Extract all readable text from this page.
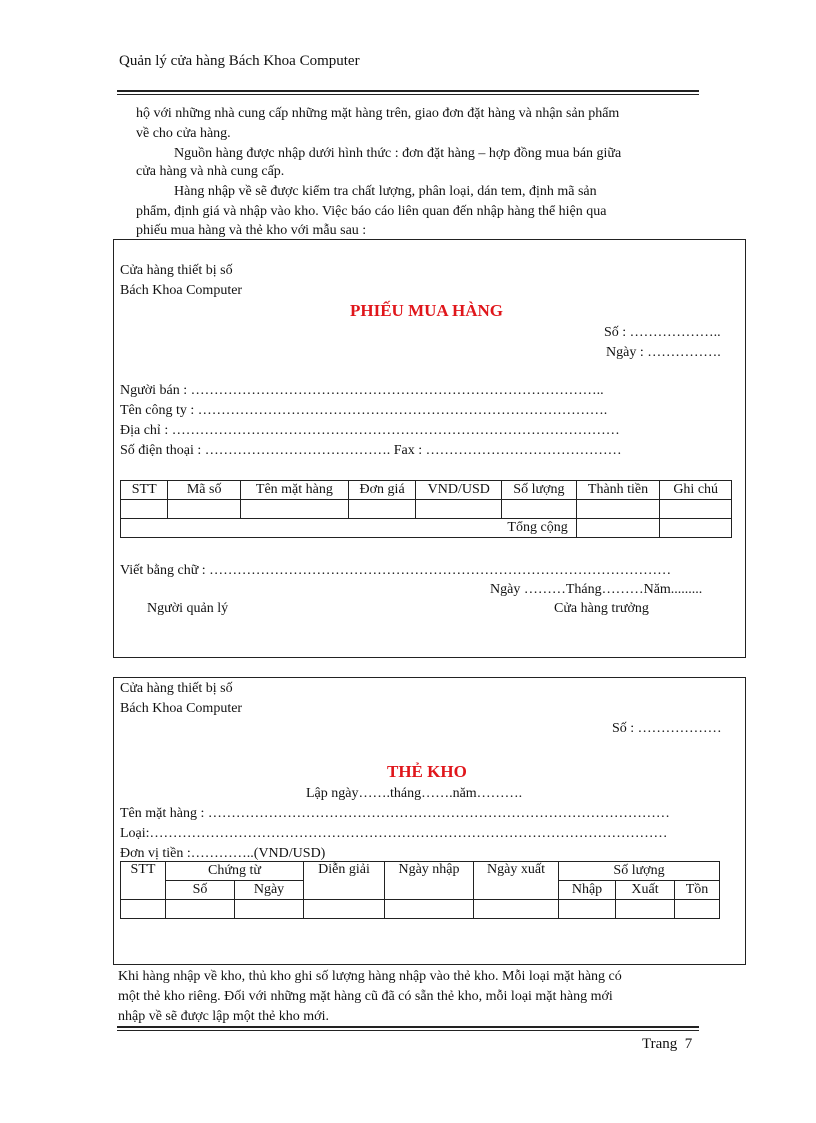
Quản lý cửa hàng Bách Khoa Computer
hộ với những nhà cung cấp những mặt hàng trên, giao đơn đặt hàng và nhận sản phẩm
về cho cửa hàng.
Nguồn hàng được nhập dưới hình thức : đơn đặt hàng – hợp đồng mua bán giữa
cửa hàng và nhà cung cấp.
Hàng nhập về sẽ được kiểm tra chất lượng, phân loại, dán tem, định mã sản
phẩm, định giá và nhập vào kho. Việc báo cáo liên quan đến nhập hàng thể hiện qua
phiếu mua hàng và thẻ kho với mẫu sau :
Cửa hàng thiết bị số
Bách Khoa Computer
PHIẾU MUA HÀNG
Số : ………………..
Ngày : …………….
Người bán : ……………………………………………………………………………..
Tên công ty : …………………………………………………………………………….
Địa chỉ : ……………………………………………………………………………………
Số điện thoại : …………………………………. Fax : ……………………………………
STT	Mã số	Tên mặt hàng	Đơn giá	VND/USD	Số lượng	Thành tiền	Ghi chú

Tổng cộng							
Viết bằng chữ : ………………………………………………………………………………………
Ngày ………Tháng………Năm.........
Người quản lý	Cửa hàng trưởng
Cửa hàng thiết bị số
Bách Khoa Computer
Số : ………………
THẺ KHO
Lập ngày…….tháng…….năm……….
Tên mặt hàng : ………………………………………………………………………………………
Loại:…………………………………………………………………………………………………
Đơn vị tiền :…………..(VND/USD)
STT	Chứng từ		Diễn giải	Ngày nhập	Ngày xuất	Số lượng		
	Số	Ngày				Nhập	Xuất	Tồn

Khi hàng nhập về kho, thủ kho ghi số lượng hàng nhập vào thẻ kho. Mỗi loại mặt hàng có
một thẻ kho riêng. Đối với những mặt hàng cũ đã có sẵn thẻ kho, mỗi loại mặt hàng mới
nhập về sẽ được lập một thẻ kho mới.
Trang 7
